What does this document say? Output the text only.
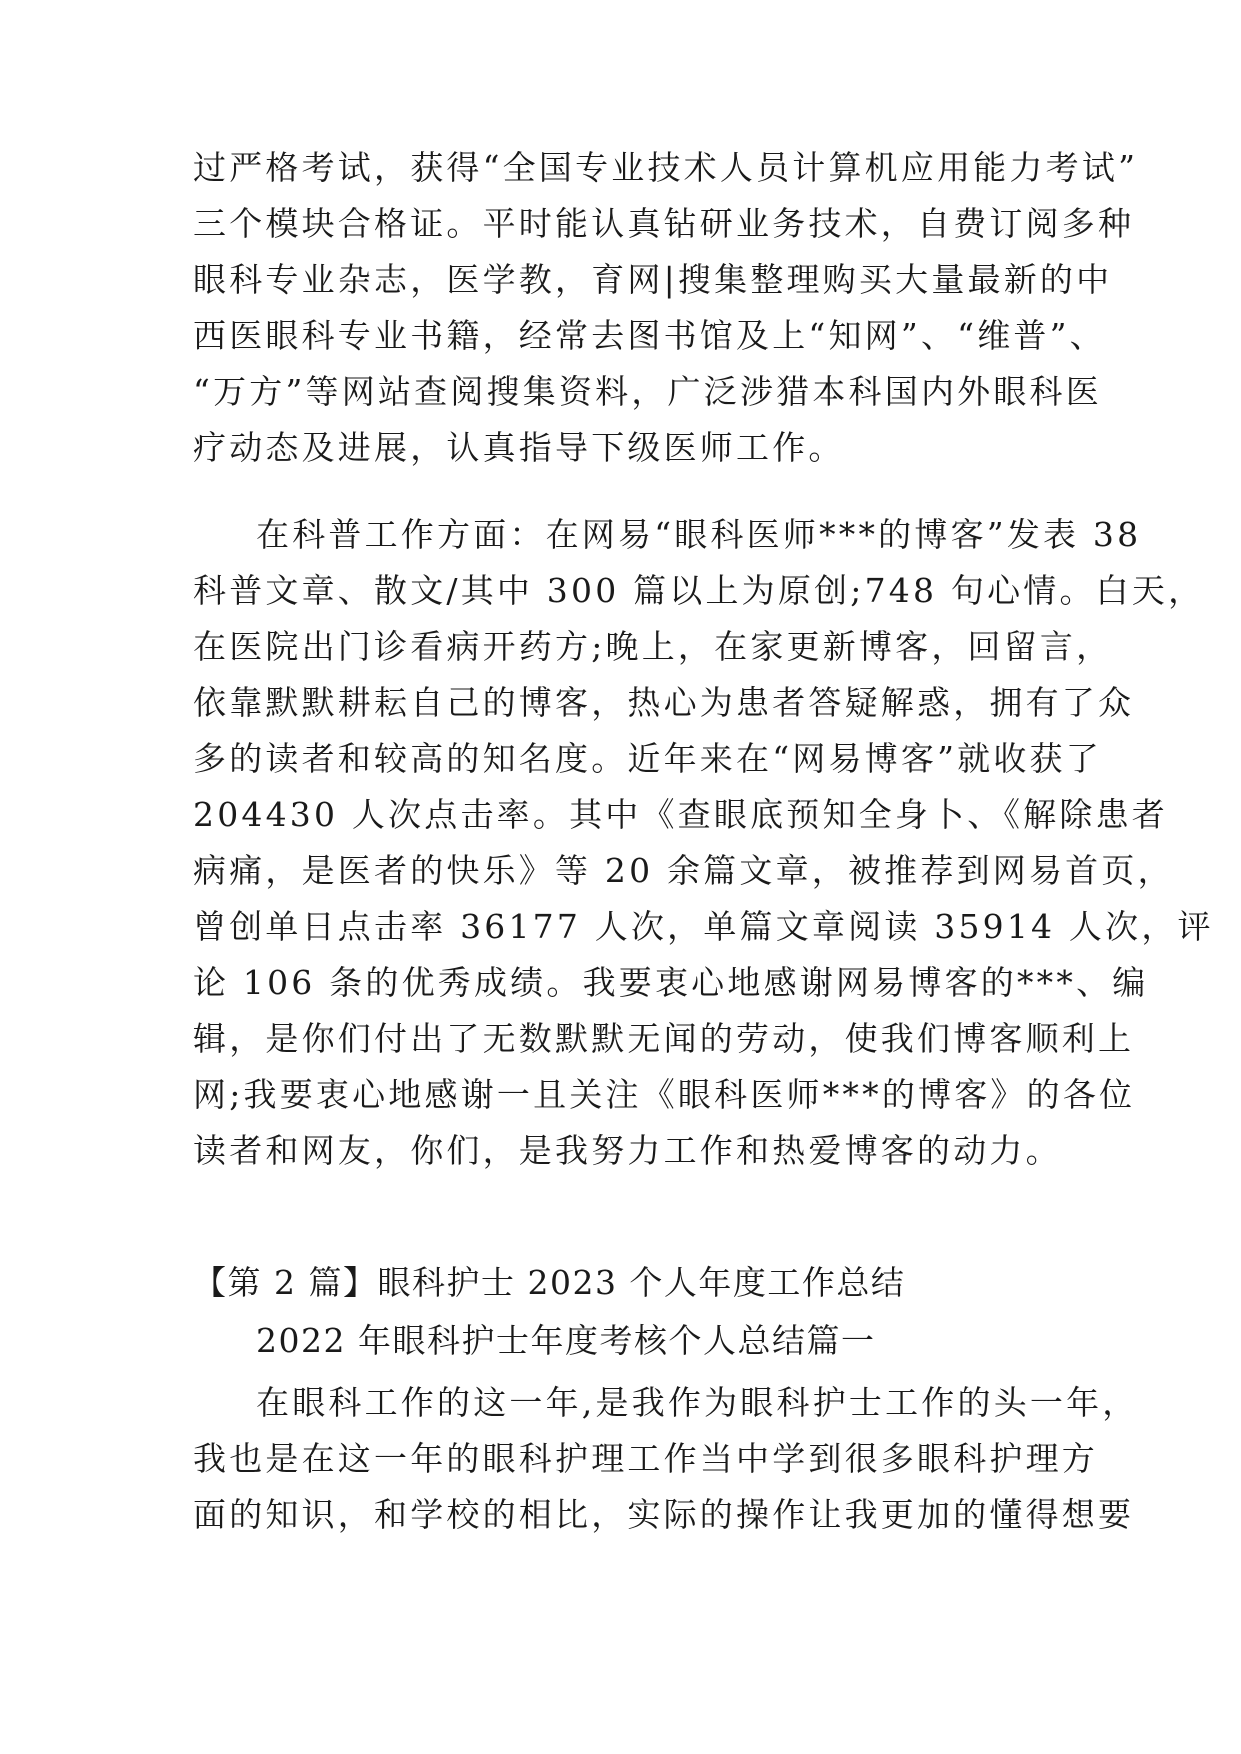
过严格考试，获得“全国专业技术人员计算机应用能力考试”
三个模块合格证。平时能认真钻研业务技术，自费订阅多种
眼科专业杂志，医学教，育网|搜集整理购买大量最新的中
西医眼科专业书籍，经常去图书馆及上“知网”、“维普”、
“万方”等网站查阅搜集资料，广泛涉猎本科国内外眼科医
疗动态及进展，认真指导下级医师工作。
在科普工作方面：在网易“眼科医师***的博客”发表 38
科普文章、散文/其中 300 篇以上为原创;748 句心情。白天，
在医院出门诊看病开药方;晚上，在家更新博客，回留言，
依靠默默耕耘自己的博客，热心为患者答疑解惑，拥有了众
多的读者和较高的知名度。近年来在“网易博客”就收获了
204430 人次点击率。其中《查眼底预知全身卜、《解除患者
病痛，是医者的快乐》等 20 余篇文章，被推荐到网易首页，
曾创单日点击率 36177 人次，单篇文章阅读 35914 人次，评
论 106 条的优秀成绩。我要衷心地感谢网易博客的***、编
辑，是你们付出了无数默默无闻的劳动，使我们博客顺利上
网;我要衷心地感谢一且关注《眼科医师***的博客》的各位
读者和网友，你们，是我努力工作和热爱博客的动力。
【第 2 篇】眼科护士 2023 个人年度工作总结
2022 年眼科护士年度考核个人总结篇一
在眼科工作的这一年,是我作为眼科护士工作的头一年，
我也是在这一年的眼科护理工作当中学到很多眼科护理方
面的知识，和学校的相比，实际的操作让我更加的懂得想要
